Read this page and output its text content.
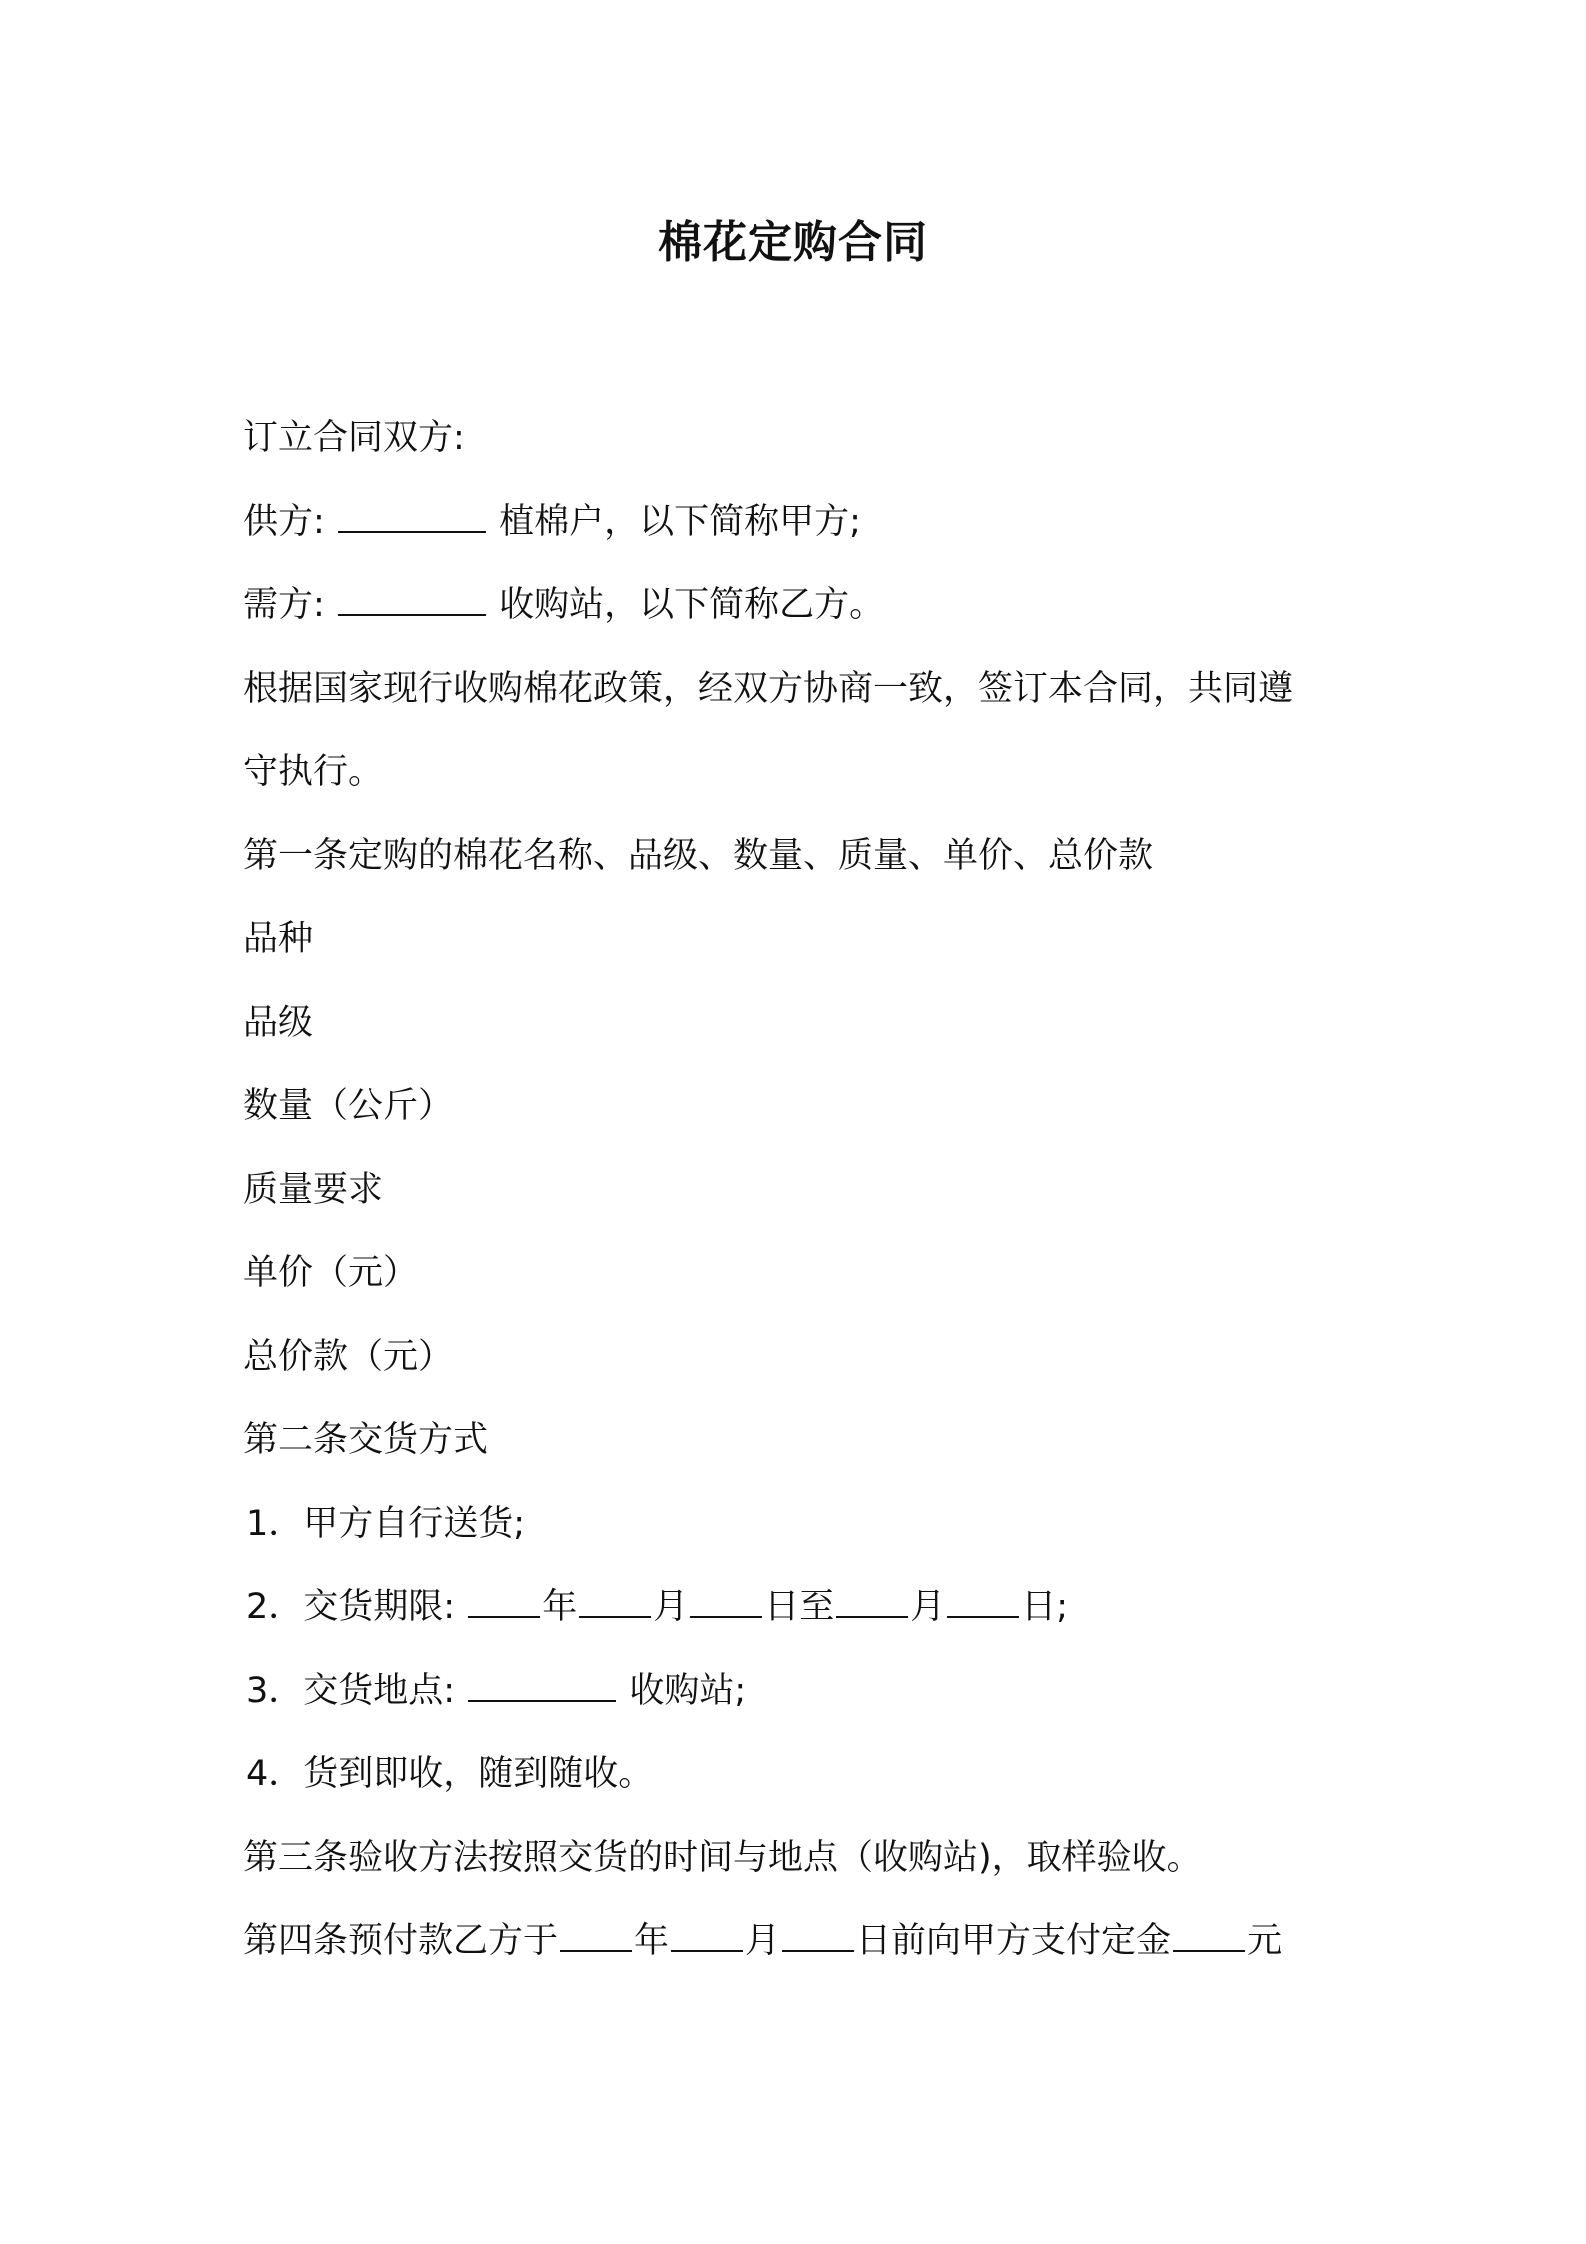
棉花定购合同
订立合同双方:
供方:	植棉户，以下简称甲方;
需方:	收购站，以下简称乙方。
根据国家现行收购棉花政策，经双方协商一致，签订本合同，共同遵
守执行。
第一条定购的棉花名称、品级、数量、质量、单价、总价款
品种
品级
数量（公斤）
质量要求
单价（元）
总价款（元）
第二条交货方式
1．甲方自行送货;
2．交货期限: 年 月 日至 月 日;
3．交货地点:	收购站;
4．货到即收，随到随收。
第三条验收方法按照交货的时间与地点（收购站)，取样验收。
第四条预付款乙方于 年 月 日前向甲方支付定金 元
